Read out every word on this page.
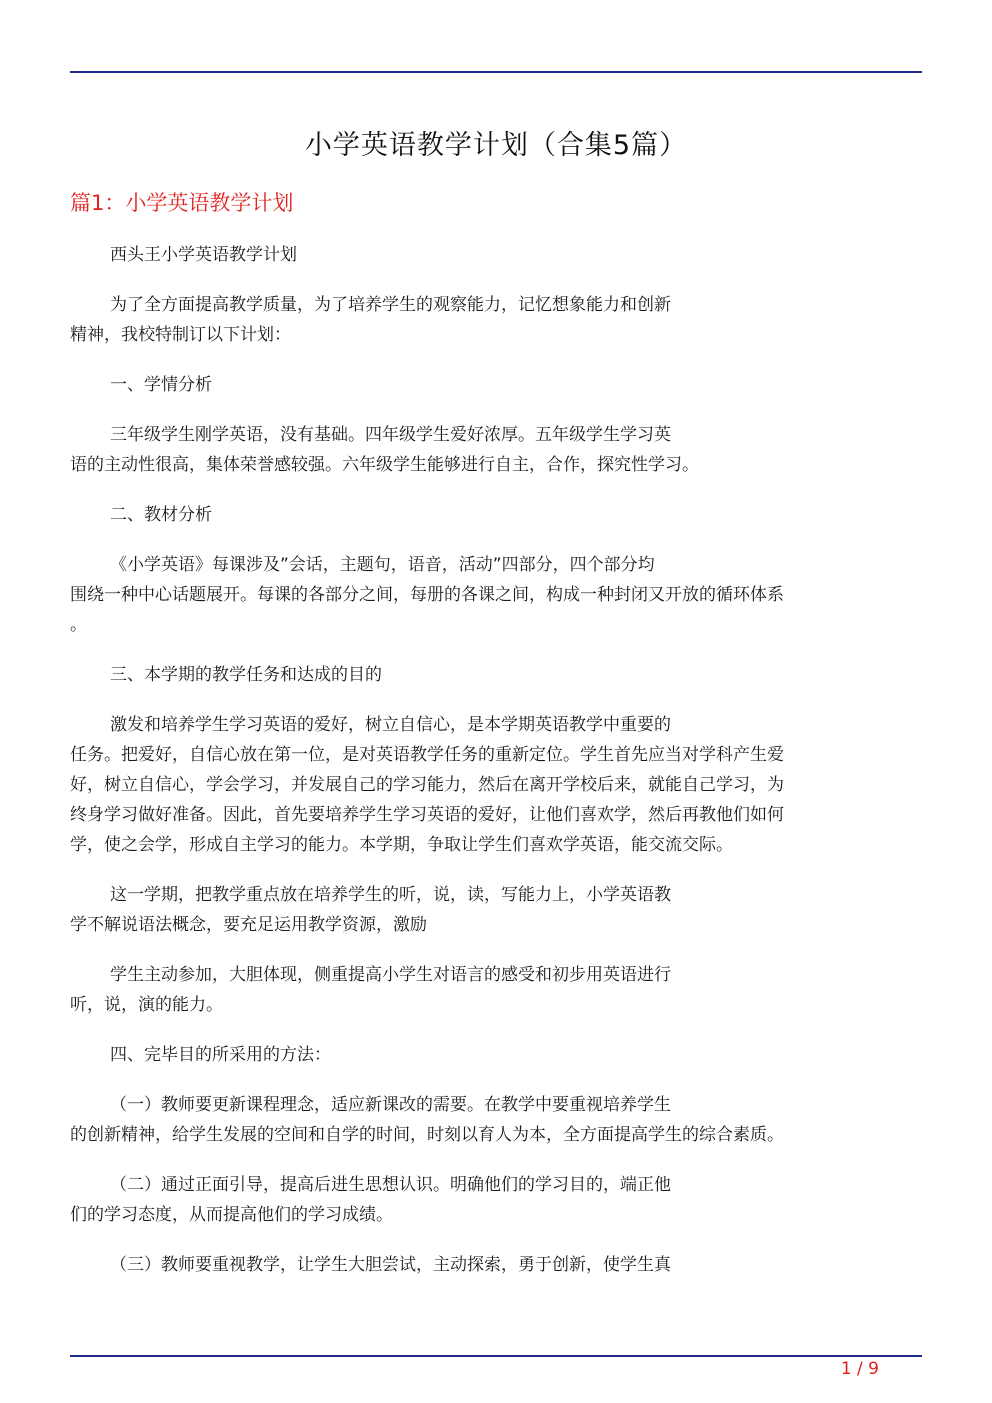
小学英语教学计划（合集5篇）
篇1：小学英语教学计划

西头王小学英语教学计划

为了全方面提高教学质量，为了培养学生的观察能力，记忆想象能力和创新
精神，我校特制订以下计划：

一、学情分析

三年级学生刚学英语，没有基础。四年级学生爱好浓厚。五年级学生学习英
语的主动性很高，集体荣誉感较强。六年级学生能够进行自主，合作，探究性学习。

二、教材分析

《小学英语》每课涉及”会话，主题句，语音，活动”四部分，四个部分均
围绕一种中心话题展开。每课的各部分之间，每册的各课之间，构成一种封闭又开放的循环体系
。

三、本学期的教学任务和达成的目的

激发和培养学生学习英语的爱好，树立自信心，是本学期英语教学中重要的
任务。把爱好，自信心放在第一位，是对英语教学任务的重新定位。学生首先应当对学科产生爱
好，树立自信心，学会学习，并发展自己的学习能力，然后在离开学校后来，就能自己学习，为
终身学习做好准备。因此，首先要培养学生学习英语的爱好，让他们喜欢学，然后再教他们如何
学，使之会学，形成自主学习的能力。本学期，争取让学生们喜欢学英语，能交流交际。

这一学期，把教学重点放在培养学生的听，说，读，写能力上，小学英语教
学不解说语法概念，要充足运用教学资源，激励

学生主动参加，大胆体现，侧重提高小学生对语言的感受和初步用英语进行
听，说，演的能力。

四、完毕目的所采用的方法：

（一）教师要更新课程理念，适应新课改的需要。在教学中要重视培养学生
的创新精神，给学生发展的空间和自学的时间，时刻以育人为本，全方面提高学生的综合素质。

（二）通过正面引导，提高后进生思想认识。明确他们的学习目的，端正他
们的学习态度，从而提高他们的学习成绩。

（三）教师要重视教学，让学生大胆尝试，主动探索，勇于创新，使学生真

1 / 9
